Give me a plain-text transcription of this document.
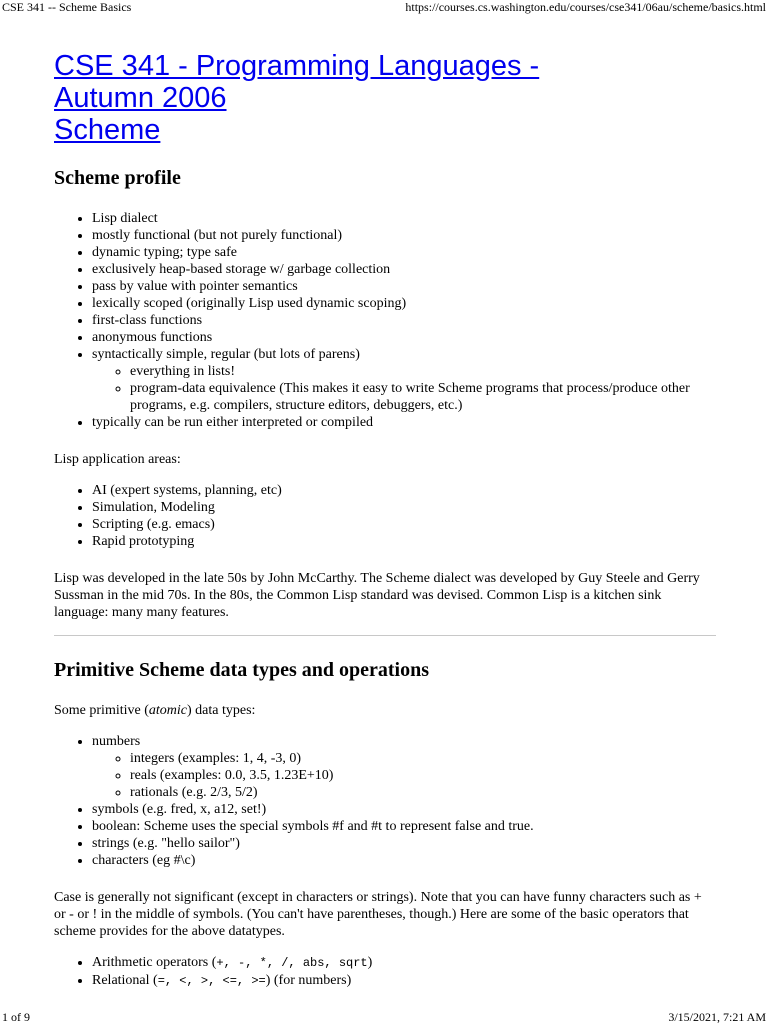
CSE 341 -- Scheme Basics	https://courses.cs.washington.edu/courses/cse341/06au/scheme/basics.html
CSE 341 - Programming Languages -
Autumn 2006
Scheme
Scheme profile
• Lisp dialect
• mostly functional (but not purely functional)
• dynamic typing; type safe
• exclusively heap-based storage w/ garbage collection
• pass by value with pointer semantics
• lexically scoped (originally Lisp used dynamic scoping)
• first-class functions
• anonymous functions
• syntactically simple, regular (but lots of parens)
◦ everything in lists!
◦ program-data equivalence (This makes it easy to write Scheme programs that process/produce other programs, e.g. compilers, structure editors, debuggers, etc.)
• typically can be run either interpreted or compiled

Lisp application areas:

• AI (expert systems, planning, etc)
• Simulation, Modeling
• Scripting (e.g. emacs)
• Rapid prototyping

Lisp was developed in the late 50s by John McCarthy. The Scheme dialect was developed by Guy Steele and Gerry Sussman in the mid 70s. In the 80s, the Common Lisp standard was devised. Common Lisp is a kitchen sink language: many many features.

Primitive Scheme data types and operations

Some primitive (atomic) data types:

• numbers
◦ integers (examples: 1, 4, -3, 0)
◦ reals (examples: 0.0, 3.5, 1.23E+10)
◦ rationals (e.g. 2/3, 5/2)
• symbols (e.g. fred, x, a12, set!)
• boolean: Scheme uses the special symbols #f and #t to represent false and true.
• strings (e.g. "hello sailor")
• characters (eg #\c)

Case is generally not significant (except in characters or strings). Note that you can have funny characters such as + or - or ! in the middle of symbols. (You can't have parentheses, though.) Here are some of the basic operators that scheme provides for the above datatypes.

• Arithmetic operators (+, -, *, /, abs, sqrt)
• Relational (=, <, >, <=, >=) (for numbers)
1 of 9	3/15/2021, 7:21 AM
